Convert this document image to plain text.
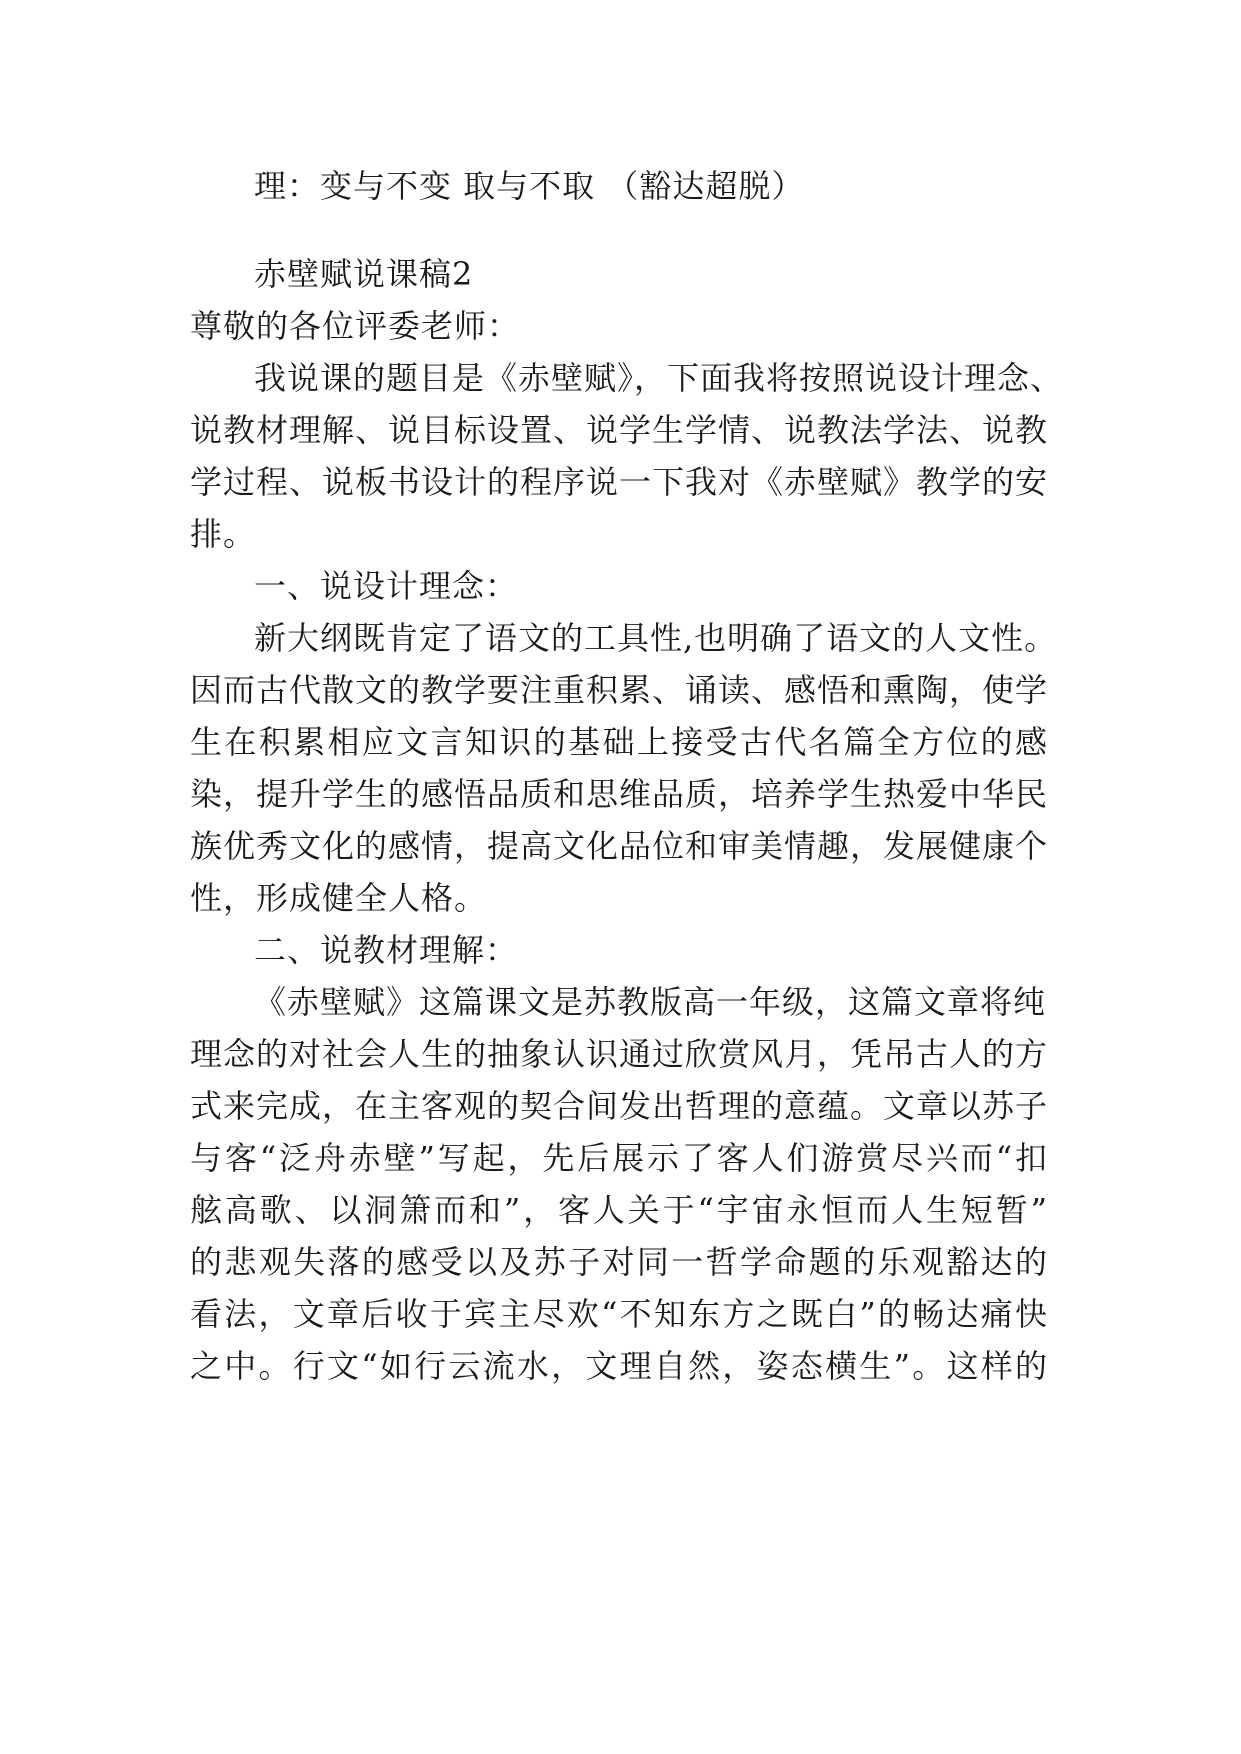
理：变与不变 取与不取 （豁达超脱）
赤壁赋说课稿2
尊敬的各位评委老师：
我说课的题目是《赤壁赋》，下面我将按照说设计理念、
说教材理解、说目标设置、说学生学情、说教法学法、说教
学过程、说板书设计的程序说一下我对《赤壁赋》教学的安
排。
一、说设计理念：
新大纲既肯定了语文的工具性,也明确了语文的人文性。
因而古代散文的教学要注重积累、诵读、感悟和熏陶，使学
生在积累相应文言知识的基础上接受古代名篇全方位的感
染，提升学生的感悟品质和思维品质，培养学生热爱中华民
族优秀文化的感情，提高文化品位和审美情趣，发展健康个
性，形成健全人格。
二、说教材理解：
《赤壁赋》这篇课文是苏教版高一年级，这篇文章将纯
理念的对社会人生的抽象认识通过欣赏风月，凭吊古人的方
式来完成，在主客观的契合间发出哲理的意蕴。文章以苏子
与客“泛舟赤壁”写起，先后展示了客人们游赏尽兴而“扣
舷高歌、以洞箫而和”，客人关于“宇宙永恒而人生短暂”
的悲观失落的感受以及苏子对同一哲学命题的乐观豁达的
看法，文章后收于宾主尽欢“不知东方之既白”的畅达痛快
之中。行文“如行云流水，文理自然，姿态横生”。这样的
